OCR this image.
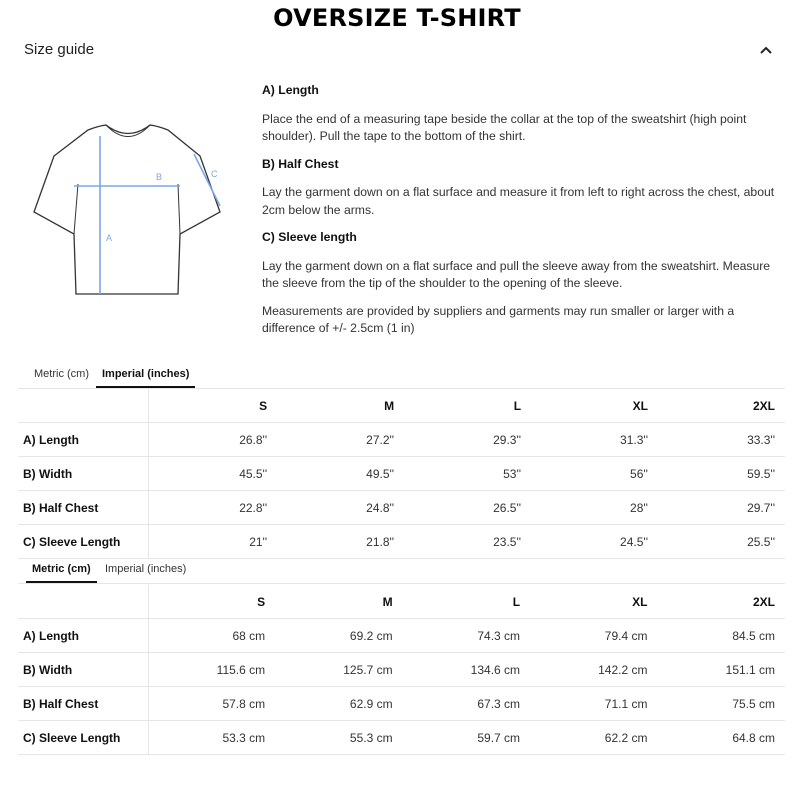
OVERSIZE T-SHIRT
Size guide
A
B	C
A) Length

Place the end of a measuring tape beside the collar at the top of the sweatshirt (high point shoulder). Pull the tape to the bottom of the shirt.

B) Half Chest

Lay the garment down on a flat surface and measure it from left to right across the chest, about 2cm below the arms.

C) Sleeve length

Lay the garment down on a flat surface and pull the sleeve away from the sweatshirt. Measure the sleeve from the tip of the shoulder to the opening of the sleeve.

Measurements are provided by suppliers and garments may run smaller or larger with a difference of +/- 2.5cm (1 in)

Metric (cm)	Imperial (inches)
	S	M	L	XL	2XL
A) Length	26.8''	27.2''	29.3''	31.3''	33.3''
B) Width	45.5''	49.5''	53''	56''	59.5''
B) Half Chest	22.8''	24.8''	26.5''	28''	29.7''
C) Sleeve Length	21''	21.8''	23.5''	24.5''	25.5''
Metric (cm)	Imperial (inches)
	S	M	L	XL	2XL
A) Length	68 cm	69.2 cm	74.3 cm	79.4 cm	84.5 cm
B) Width	115.6 cm	125.7 cm	134.6 cm	142.2 cm	151.1 cm
B) Half Chest	57.8 cm	62.9 cm	67.3 cm	71.1 cm	75.5 cm
C) Sleeve Length	53.3 cm	55.3 cm	59.7 cm	62.2 cm	64.8 cm
